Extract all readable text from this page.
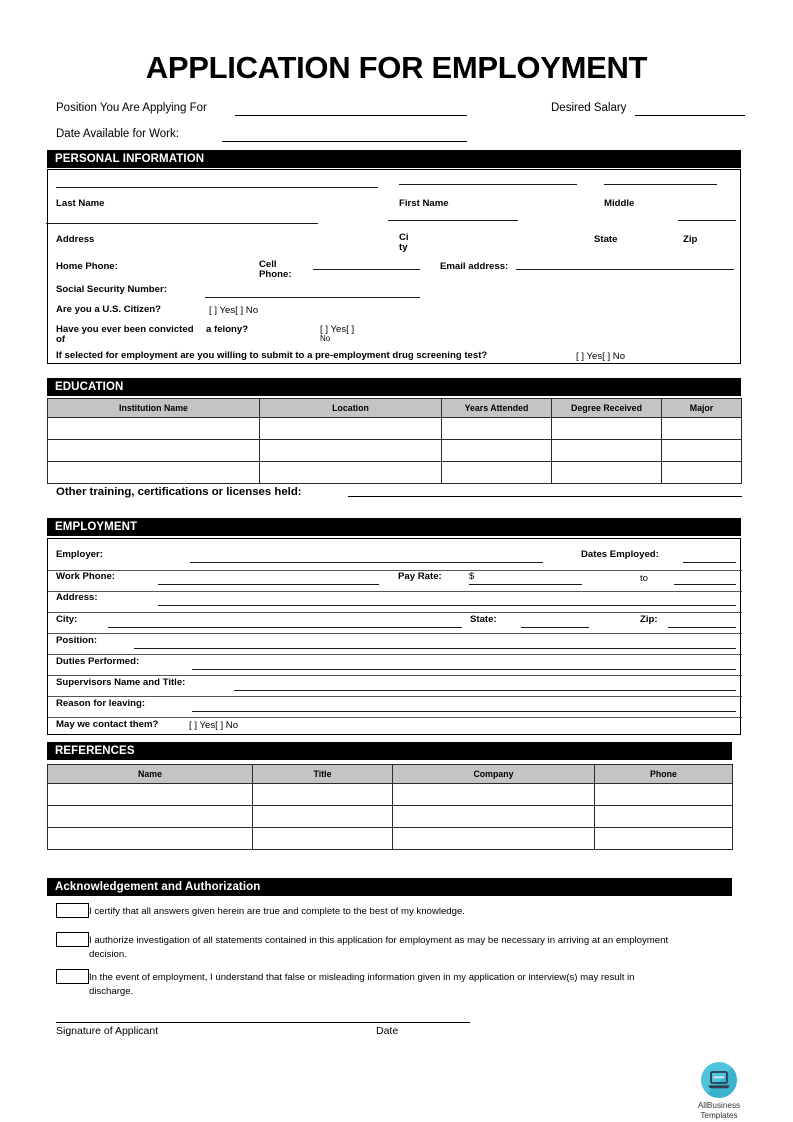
APPLICATION FOR EMPLOYMENT
Position You Are Applying For	Desired Salary
Date Available for Work:
PERSONAL INFORMATION
Last Name	First Name	Middle
Address	Ci
ty
State	Zip
Home Phone:	Cell
Phone:
Email address:
Social Security Number:
Are you a U.S. Citizen?	[ ] Yes[ ] No
Have you ever been convicted
of
a felony?	[ ] Yes[ ]
No
If selected for employment are you willing to submit to a pre-employment drug screening test?	[ ] Yes[ ] No
EDUCATION
Institution Name	Location	Years Attended	Degree Received	Major

Other training, certifications or licenses held:
EMPLOYMENT
Employer:	Dates Employed:
Work Phone:	Pay Rate:	$	to
Address:
City:	State:	Zip:
Position:
Duties Performed:
Supervisors Name and Title:
Reason for leaving:
May we contact them?	[ ] Yes[ ] No
REFERENCES
Name	Title	Company	Phone

Acknowledgement and Authorization
I certify that all answers given herein are true and complete to the best of my knowledge.
I authorize investigation of all statements contained in this application for employment as may be necessary in arriving at an employment decision.
In the event of employment, I understand that false or misleading information given in my application or interview(s) may result in discharge.
Signature of Applicant	Date
AllBusiness
Templates
